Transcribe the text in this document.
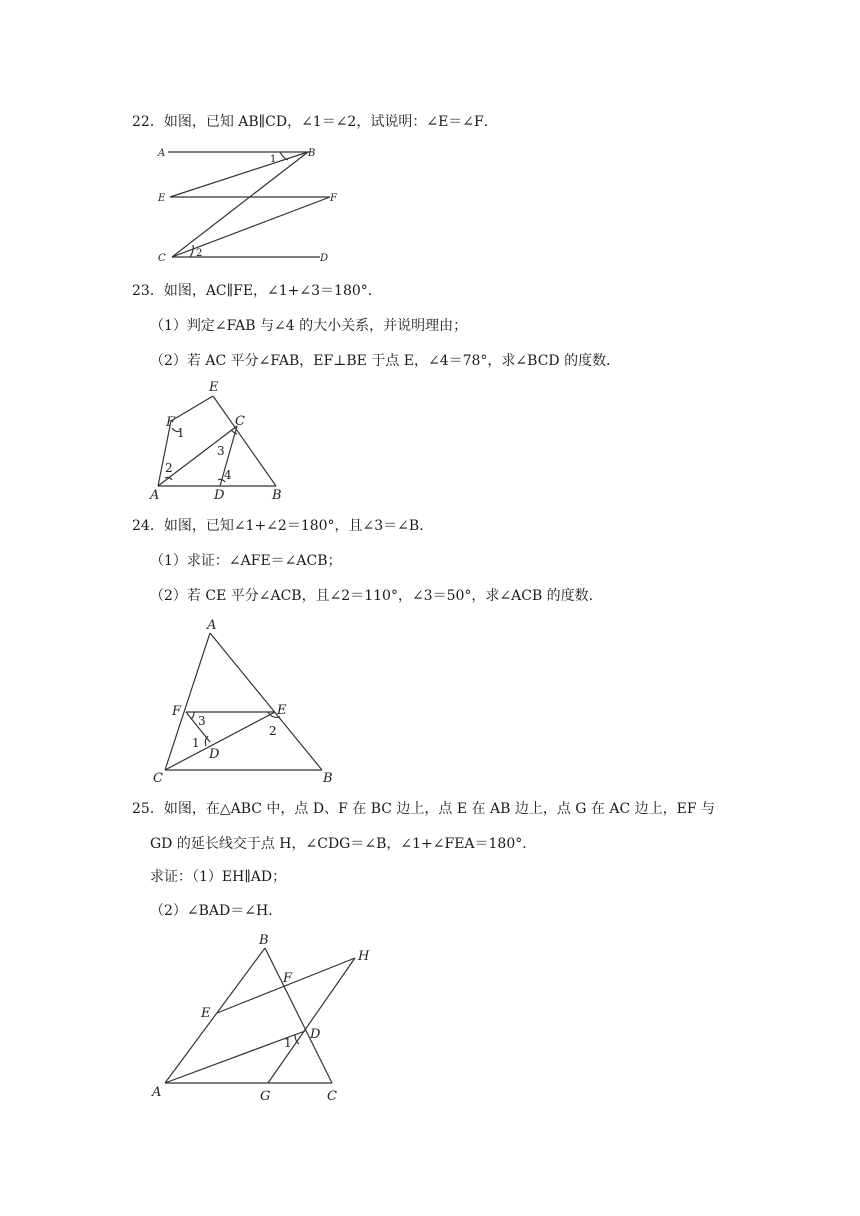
22．如图，已知 AB∥CD，∠1＝∠2，试说明：∠E＝∠F．
A	B
E	F
C	D
1
2
23．如图，AC∥FE，∠1+∠3＝180°．
（1）判定∠FAB 与∠4 的大小关系，并说明理由；
（2）若 AC 平分∠FAB，EF⊥BE 于点 E，∠4＝78°，求∠BCD 的度数．
E
F	C
A	D	B
1
2
3
4
24．如图，已知∠1+∠2＝180°，且∠3＝∠B．
（1）求证：∠AFE＝∠ACB；
（2）若 CE 平分∠ACB，且∠2＝110°，∠3＝50°，求∠ACB 的度数．
A
F	E
D
C	B
3
1
2
25．如图，在△ABC 中，点 D、F 在 BC 边上，点 E 在 AB 边上，点 G 在 AC 边上，EF 与
GD 的延长线交于点 H，∠CDG＝∠B，∠1+∠FEA＝180°．
求证：（1）EH∥AD；
（2）∠BAD＝∠H．
B
H
F
E
D
A	G	C
1
